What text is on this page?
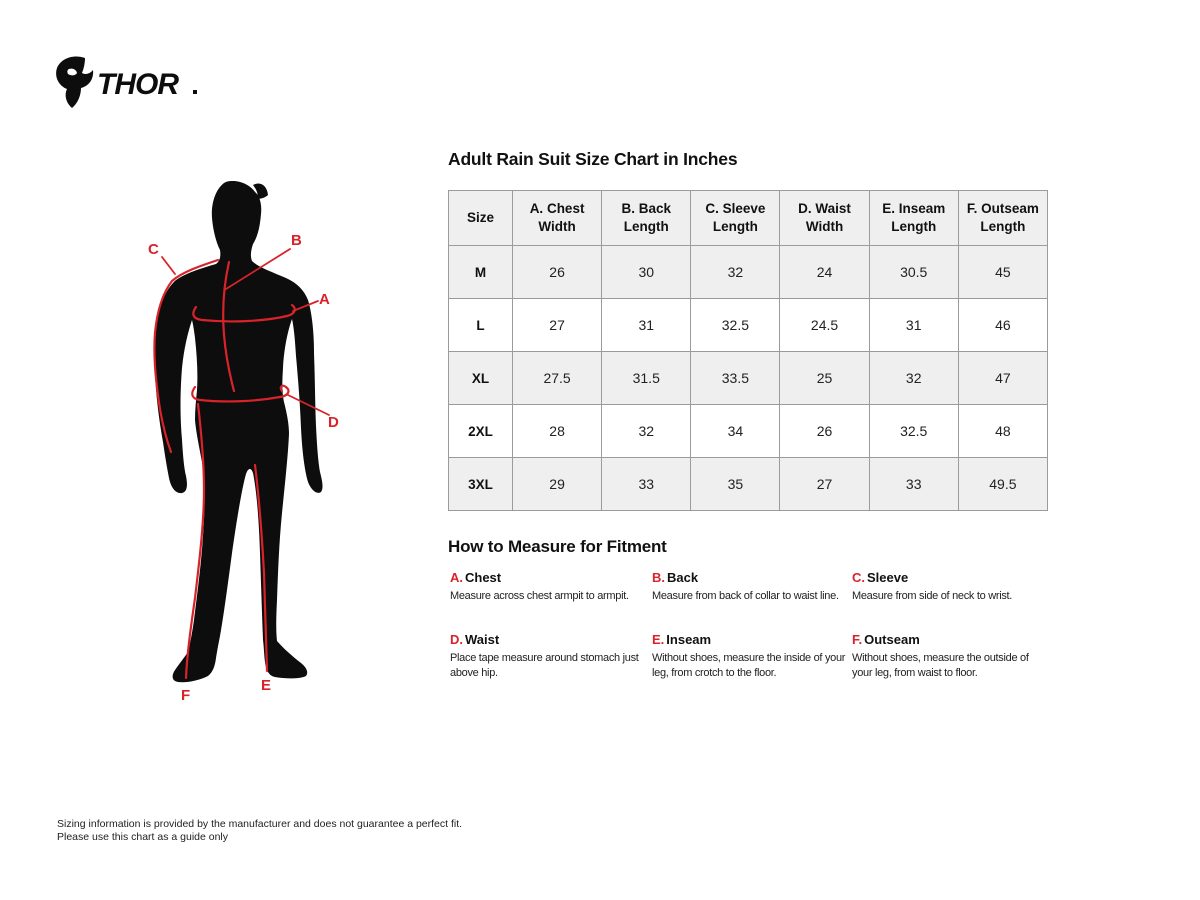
THOR
C
B
A
D
E
F
Adult Rain Suit Size Chart in Inches
Size	A. Chest Width	B. Back Length	C. Sleeve Length	D. Waist Width	E. Inseam Length	F. Outseam Length
M	26	30	32	24	30.5	45
L	27	31	32.5	24.5	31	46
XL	27.5	31.5	33.5	25	32	47
2XL	28	32	34	26	32.5	48
3XL	29	33	35	27	33	49.5
How to Measure for Fitment
A. Chest
Measure across chest armpit to armpit.
B. Back
Measure from back of collar to waist line.
C. Sleeve
Measure from side of neck to wrist.
D. Waist
Place tape measure around stomach just above hip.
E. Inseam
Without shoes, measure the inside of your leg, from crotch to the floor.
F. Outseam
Without shoes, measure the outside of your leg, from waist to floor.
Sizing information is provided by the manufacturer and does not guarantee a perfect fit.
Please use this chart as a guide only
